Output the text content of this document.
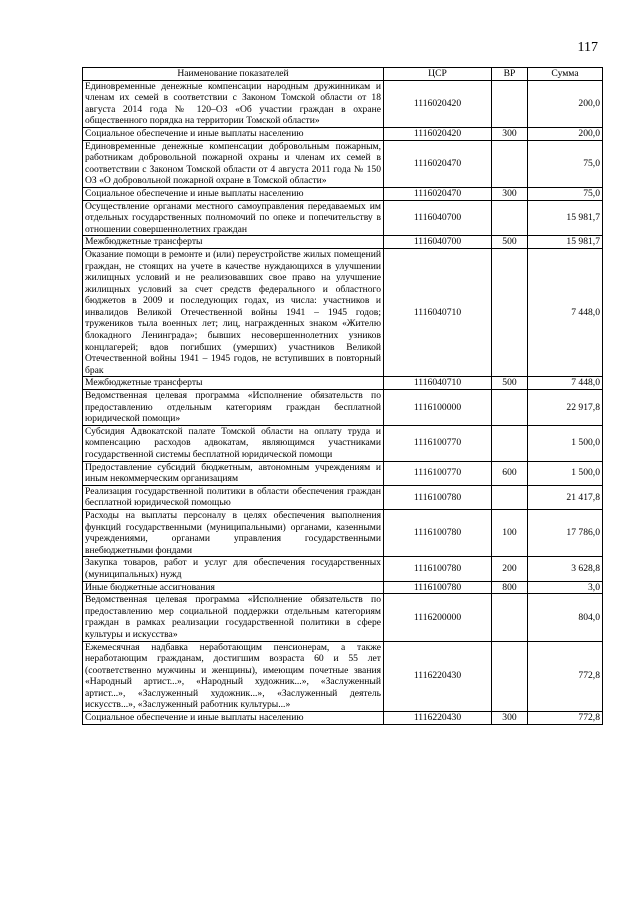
117
Наименование показателей	ЦСР	ВР	Сумма
Единовременные денежные компенсации народным дружинникам и членам их семей в соответствии с Законом Томской области от 18 августа 2014 года № 120–ОЗ «Об участии граждан в охране общественного порядка на территории Томской области»	1116020420		200,0
Социальное обеспечение и иные выплаты населению	1116020420	300	200,0
Единовременные денежные компенсации добровольным пожарным, работникам добровольной пожарной охраны и членам их семей в соответствии с Законом Томской области от 4 августа 2011 года № 150 ОЗ «О добровольной пожарной охране в Томской области»	1116020470		75,0
Социальное обеспечение и иные выплаты населению	1116020470	300	75,0
Осуществление органами местного самоуправления передаваемых им отдельных государственных полномочий по опеке и попечительству в отношении совершеннолетних граждан	1116040700		15 981,7
Межбюджетные трансферты	1116040700	500	15 981,7
Оказание помощи в ремонте и (или) переустройстве жилых помещений граждан, не стоящих на учете в качестве нуждающихся в улучшении жилищных условий и не реализовавших свое право на улучшение жилищных условий за счет средств федерального и областного бюджетов в 2009 и последующих годах, из числа: участников и инвалидов Великой Отечественной войны 1941 – 1945 годов; тружеников тыла военных лет; лиц, награжденных знаком «Жителю блокадного Ленинграда»; бывших несовершеннолетних узников концлагерей; вдов погибших (умерших) участников Великой Отечественной войны 1941 – 1945 годов, не вступивших в повторный брак	1116040710		7 448,0
Межбюджетные трансферты	1116040710	500	7 448,0
Ведомственная целевая программа «Исполнение обязательств по предоставлению отдельным категориям граждан бесплатной юридической помощи»	1116100000		22 917,8
Субсидия Адвокатской палате Томской области на оплату труда и компенсацию расходов адвокатам, являющимся участниками государственной системы бесплатной юридической помощи	1116100770		1 500,0
Предоставление субсидий бюджетным, автономным учреждениям и иным некоммерческим организациям	1116100770	600	1 500,0
Реализация государственной политики в области обеспечения граждан бесплатной юридической помощью	1116100780		21 417,8
Расходы на выплаты персоналу в целях обеспечения выполнения функций государственными (муниципальными) органами, казенными учреждениями, органами управления государственными внебюджетными фондами	1116100780	100	17 786,0
Закупка товаров, работ и услуг для обеспечения государственных (муниципальных) нужд	1116100780	200	3 628,8
Иные бюджетные ассигнования	1116100780	800	3,0
Ведомственная целевая программа «Исполнение обязательств по предоставлению мер социальной поддержки отдельным категориям граждан в рамках реализации государственной политики в сфере культуры и искусства»	1116200000		804,0
Ежемесячная надбавка неработающим пенсионерам, а также неработающим гражданам, достигшим возраста 60 и 55 лет (соответственно мужчины и женщины), имеющим почетные звания «Народный артист...», «Народный художник...», «Заслуженный артист...», «Заслуженный художник...», «Заслуженный деятель искусств...», «Заслуженный работник культуры...»	1116220430		772,8
Социальное обеспечение и иные выплаты населению	1116220430	300	772,8
